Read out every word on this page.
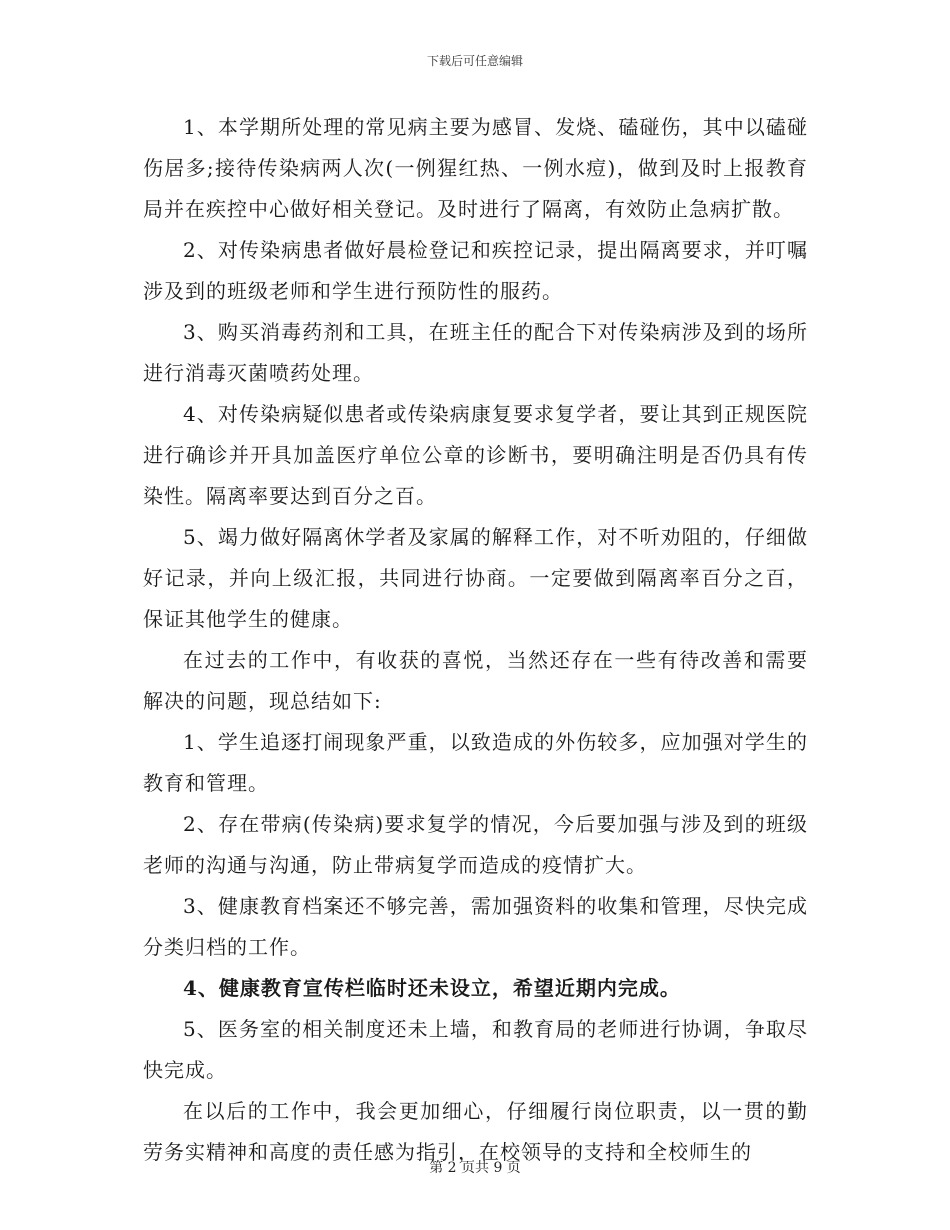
下载后可任意编辑

1、本学期所处理的常见病主要为感冒、发烧、磕碰伤，其中以磕碰伤居多;接待传染病两人次(一例猩红热、一例水痘)，做到及时上报教育局并在疾控中心做好相关登记。及时进行了隔离，有效防止急病扩散。

2、对传染病患者做好晨检登记和疾控记录，提出隔离要求，并叮嘱涉及到的班级老师和学生进行预防性的服药。

3、购买消毒药剂和工具，在班主任的配合下对传染病涉及到的场所进行消毒灭菌喷药处理。

4、对传染病疑似患者或传染病康复要求复学者，要让其到正规医院进行确诊并开具加盖医疗单位公章的诊断书，要明确注明是否仍具有传染性。隔离率要达到百分之百。

5、竭力做好隔离休学者及家属的解释工作，对不听劝阻的，仔细做好记录，并向上级汇报，共同进行协商。一定要做到隔离率百分之百，保证其他学生的健康。

在过去的工作中，有收获的喜悦，当然还存在一些有待改善和需要解决的问题，现总结如下:

1、学生追逐打闹现象严重，以致造成的外伤较多，应加强对学生的教育和管理。

2、存在带病(传染病)要求复学的情况，今后要加强与涉及到的班级老师的沟通与沟通，防止带病复学而造成的疫情扩大。

3、健康教育档案还不够完善，需加强资料的收集和管理，尽快完成分类归档的工作。

4、健康教育宣传栏临时还未设立，希望近期内完成。

5、医务室的相关制度还未上墙，和教育局的老师进行协调，争取尽快完成。

在以后的工作中，我会更加细心，仔细履行岗位职责，以一贯的勤劳务实精神和高度的责任感为指引，在校领导的支持和全校师生的

第 2 页共 9 页
